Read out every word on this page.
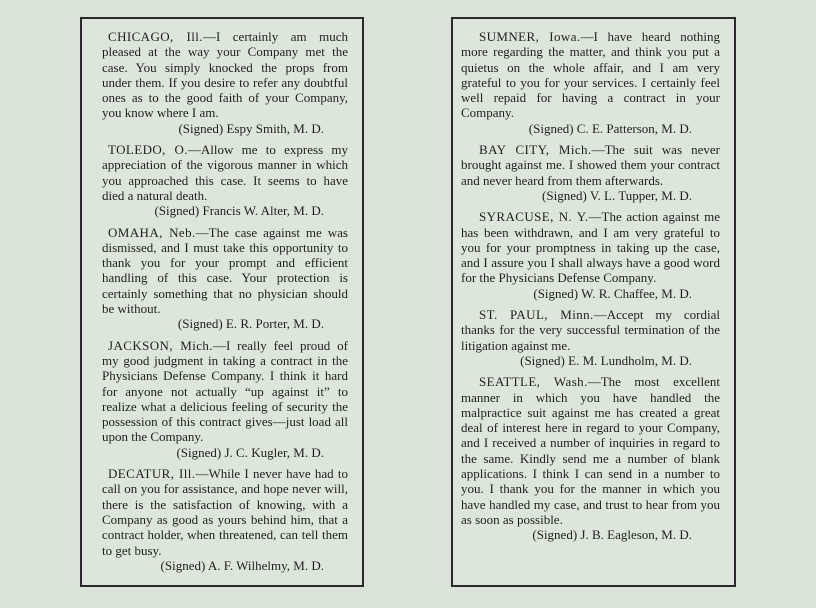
CHICAGO, Ill.—I certainly am much pleased at the way your Company met the case. You simply knocked the props from under them. If you desire to refer any doubtful ones as to the good faith of your Company, you know where I am.

(Signed) Espy Smith, M. D.

TOLEDO, O.—Allow me to express my appreciation of the vigorous manner in which you approached this case. It seems to have died a natural death.

(Signed) Francis W. Alter, M. D.

OMAHA, Neb.—The case against me was dismissed, and I must take this opportunity to thank you for your prompt and efficient handling of this case. Your protection is certainly something that no physician should be without.

(Signed) E. R. Porter, M. D.

JACKSON, Mich.—I really feel proud of my good judgment in taking a contract in the Physicians Defense Company. I think it hard for anyone not actually “up against it” to realize what a delicious feeling of security the possession of this contract gives—just load all upon the Company.

(Signed) J. C. Kugler, M. D.

DECATUR, Ill.—While I never have had to call on you for assistance, and hope never will, there is the satisfaction of knowing, with a Company as good as yours behind him, that a contract holder, when threatened, can tell them to get busy.

(Signed) A. F. Wilhelmy, M. D.

SUMNER, Iowa.—I have heard nothing more regarding the matter, and think you put a quietus on the whole affair, and I am very grateful to you for your services. I certainly feel well repaid for having a contract in your Company.

(Signed) C. E. Patterson, M. D.

BAY CITY, Mich.—The suit was never brought against me. I showed them your contract and never heard from them afterwards.

(Signed) V. L. Tupper, M. D.

SYRACUSE, N. Y.—The action against me has been withdrawn, and I am very grateful to you for your promptness in taking up the case, and I assure you I shall always have a good word for the Physicians Defense Company.

(Signed) W. R. Chaffee, M. D.

ST. PAUL, Minn.—Accept my cordial thanks for the very successful termination of the litigation against me.

(Signed) E. M. Lundholm, M. D.

SEATTLE, Wash.—The most excellent manner in which you have handled the malpractice suit against me has created a great deal of interest here in regard to your Company, and I received a number of inquiries in regard to the same. Kindly send me a number of blank applications. I think I can send in a number to you. I thank you for the manner in which you have handled my case, and trust to hear from you as soon as possible.

(Signed) J. B. Eagleson, M. D.
